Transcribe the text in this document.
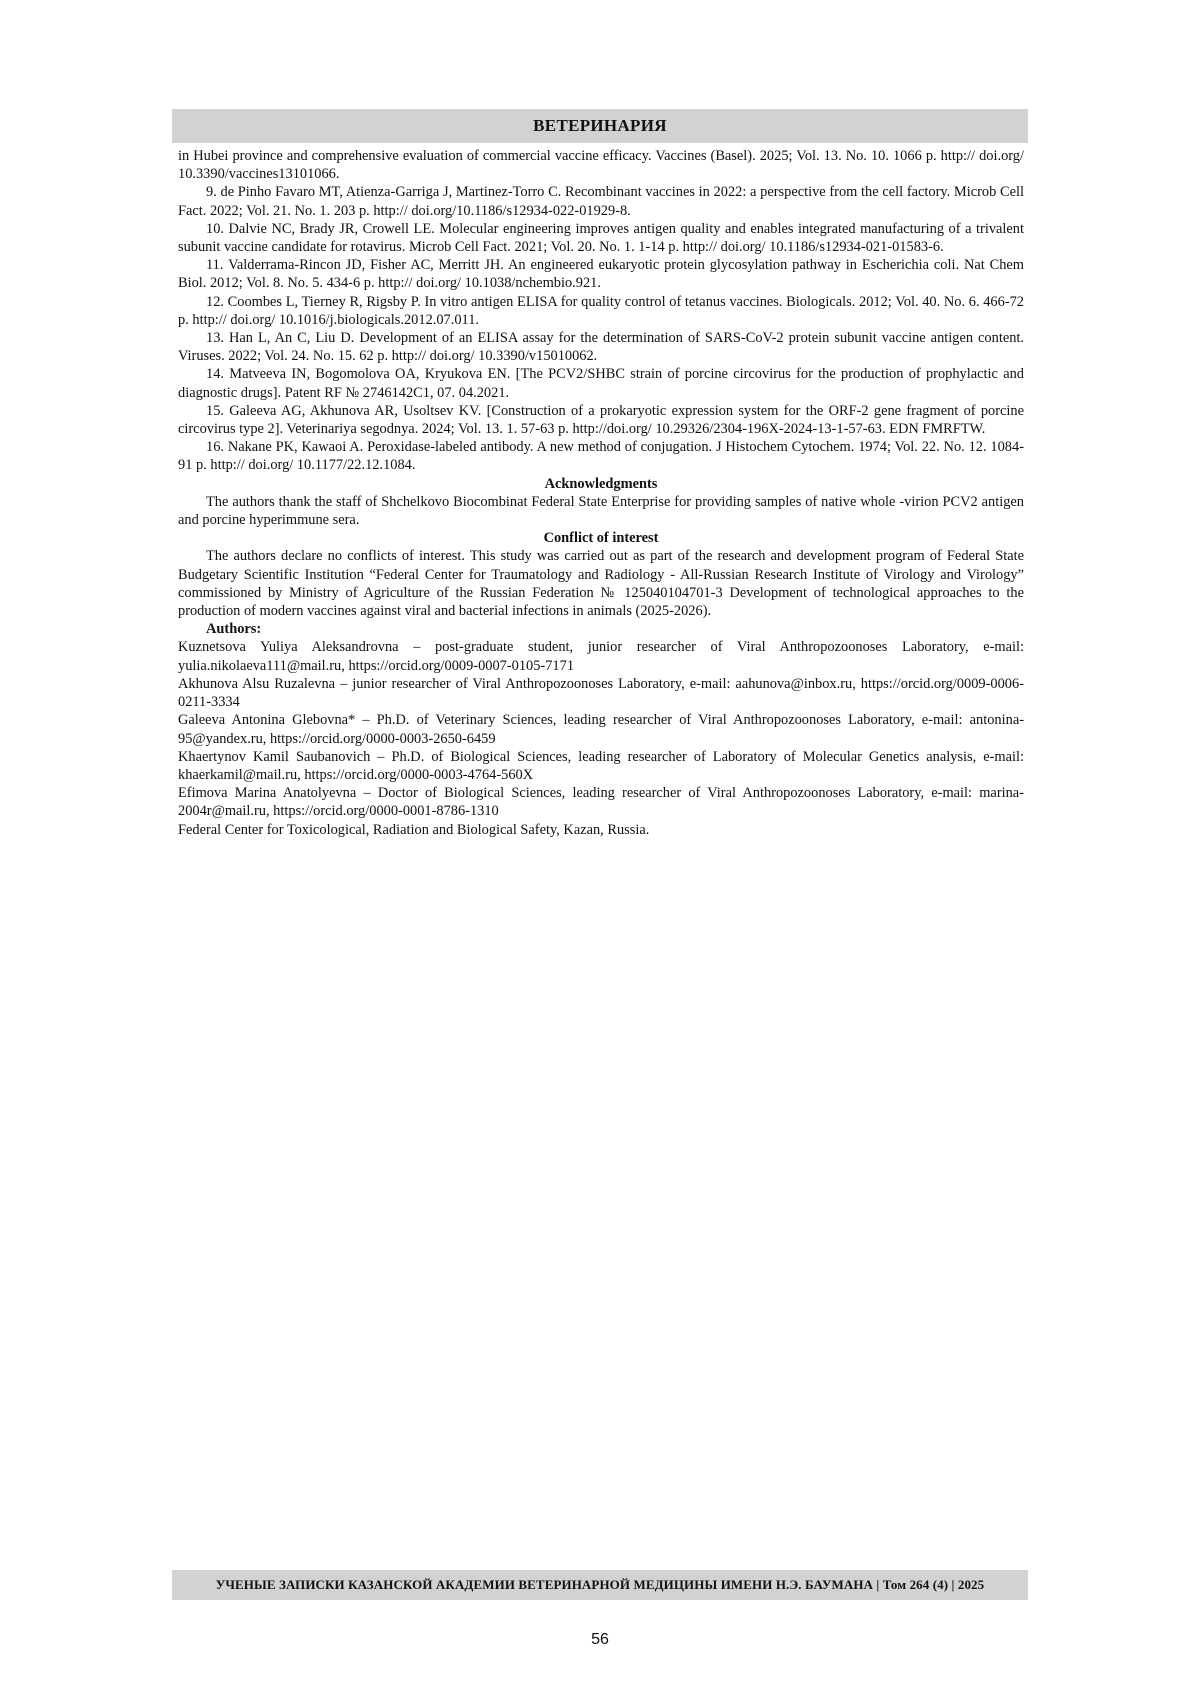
ВЕТЕРИНАРИЯ

in Hubei province and comprehensive evaluation of commercial vaccine efficacy. Vaccines (Basel). 2025; Vol. 13. No. 10. 1066 p. http:// doi.org/ 10.3390/vaccines13101066.

9. de Pinho Favaro MT, Atienza-Garriga J, Martinez-Torro C. Recombinant vaccines in 2022: a perspective from the cell factory. Microb Cell Fact. 2022; Vol. 21. No. 1. 203 p. http:// doi.org/10.1186/s12934-022-01929-8.

10. Dalvie NC, Brady JR, Crowell LE. Molecular engineering improves antigen quality and enables integrated manufacturing of a trivalent subunit vaccine candidate for rotavirus. Microb Cell Fact. 2021; Vol. 20. No. 1. 1-14 p. http:// doi.org/ 10.1186/s12934-021-01583-6.

11. Valderrama-Rincon JD, Fisher AC, Merritt JH. An engineered eukaryotic protein glycosylation pathway in Escherichia coli. Nat Chem Biol. 2012; Vol. 8. No. 5. 434-6 p. http:// doi.org/ 10.1038/nchembio.921.

12. Coombes L, Tierney R, Rigsby P. In vitro antigen ELISA for quality control of tetanus vaccines. Biologicals. 2012; Vol. 40. No. 6. 466-72 p. http:// doi.org/ 10.1016/j.biologicals.2012.07.011.

13. Han L, An C, Liu D. Development of an ELISA assay for the determination of SARS-CoV-2 protein subunit vaccine antigen content. Viruses. 2022; Vol. 24. No. 15. 62 p. http:// doi.org/ 10.3390/v15010062.

14. Matveeva IN, Bogomolova OA, Kryukova EN. [The PCV2/SHBC strain of porcine circovirus for the production of prophylactic and diagnostic drugs]. Patent RF № 2746142C1, 07. 04.2021.

15. Galeeva AG, Akhunova AR, Usoltsev KV. [Construction of a prokaryotic expression system for the ORF-2 gene fragment of porcine circovirus type 2]. Veterinariya segodnya. 2024; Vol. 13. 1. 57-63 p. http://doi.org/ 10.29326/2304-196X-2024-13-1-57-63. EDN FMRFTW.

16. Nakane PK, Kawaoi A. Peroxidase-labeled antibody. A new method of conjugation. J Histochem Cytochem. 1974; Vol. 22. No. 12. 1084-91 p. http:// doi.org/ 10.1177/22.12.1084.

Acknowledgments

The authors thank the staff of Shchelkovo Biocombinat Federal State Enterprise for providing samples of native whole -virion PCV2 antigen and porcine hyperimmune sera.

Conflict of interest

The authors declare no conflicts of interest. This study was carried out as part of the research and development program of Federal State Budgetary Scientific Institution “Federal Center for Traumatology and Radiology - All-Russian Research Institute of Virology and Virology” commissioned by Ministry of Agriculture of the Russian Federation № 125040104701-3 Development of technological approaches to the production of modern vaccines against viral and bacterial infections in animals (2025-2026).

Authors:

Kuznetsova Yuliya Aleksandrovna – post-graduate student, junior researcher of Viral Anthropozoonoses Laboratory, e-mail: yulia.nikolaeva111@mail.ru, https://orcid.org/0009-0007-0105-7171

Akhunova Alsu Ruzalevna – junior researcher of Viral Anthropozoonoses Laboratory, e-mail: aahunova@inbox.ru, https://orcid.org/0009-0006-0211-3334

Galeeva Antonina Glebovna* – Ph.D. of Veterinary Sciences, leading researcher of Viral Anthropozoonoses Laboratory, e-mail: antonina-95@yandex.ru, https://orcid.org/0000-0003-2650-6459

Khaertynov Kamil Saubanovich – Ph.D. of Biological Sciences, leading researcher of Laboratory of Molecular Genetics analysis, e-mail: khaerkamil@mail.ru, https://orcid.org/0000-0003-4764-560X

Efimova Marina Anatolyevna – Doctor of Biological Sciences, leading researcher of Viral Anthropozoonoses Laboratory, e-mail: marina-2004r@mail.ru, https://orcid.org/0000-0001-8786-1310

Federal Center for Toxicological, Radiation and Biological Safety, Kazan, Russia.

УЧЕНЫЕ ЗАПИСКИ КАЗАНСКОЙ АКАДЕМИИ ВЕТЕРИНАРНОЙ МЕДИЦИНЫ ИМЕНИ Н.Э. БАУМАНА | Том 264 (4) | 2025
56
